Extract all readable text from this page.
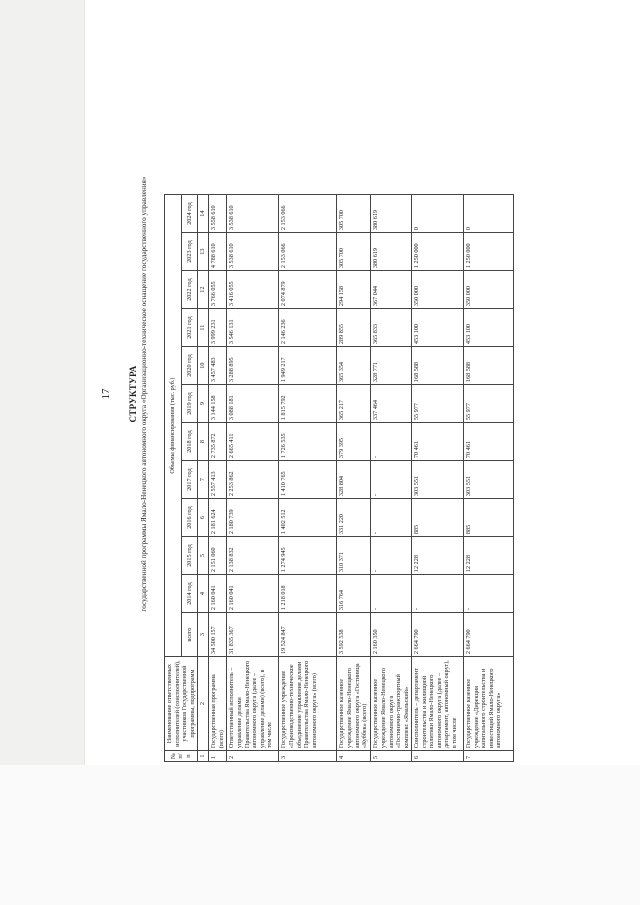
17 СТРУКТУРА государственной программы Ямало-Ненецкого автономного округа «Организационно-техническое оснащение государственного управления»
№ п/п	Наименование ответственных исполнителей (соисполнителей), участников Государственной программы, подпрограмм	Объемы финансирования (тыс. руб.)											
		всего	2014 год	2015 год	2016 год	2017 год	2018 год	2019 год	2020 год	2021 год	2022 год	2023 год	2024 год
1	2	3	4	5	6	7	8	9	10	11	12	13	14
1	Государственная программа (всего)	34 500 157	2 160 041	2 151 060	2 181 624	2 557 413	2 735 872	3 144 158	3 457 483	3 999 231	3 766 055	4 788 610	3 558 610
2	Ответственный исполнитель – управление делами Правительства Ямало-Ненецкого автономного округа (далее – управление делами) (всего), в том числе	31 835 367	2 160 041	2 138 832	2 180 739	2 253 862	2 665 411	3 088 181	3 288 895	3 546 131	3 416 055	3 538 610	3 538 610
3	Государственное учреждение «Производственно-техническое объединение управления делами Правительства Ямало-Ненецкого автономного округа» (всего)	19 524 847	1 218 018	1 274 945	1 402 512	1 410 765	1 726 535	1 815 792	1 949 217	2 146 236	2 074 879	2 153 066	2 153 066
4	Государственное казенное учреждение Ямало-Ненецкого автономного округа «Гостиница «Куббек» (всего)	3 592 538	316 764	310 371	331 220	328 804	379 395	365 217	365 354	289 855	294 158	305 700	305 700
5	Государственное казенное учреждение Ямало-Ненецкого автономного округа «Гостинично-транспортный комплекс «Ямальский»	2 160 350	-	-	-	-	-	337 464	328 771	365 833	367 044	380 619	380 619
6	Соисполнитель – департамент строительства и жилищной политики Ямало-Ненецкого автономного округа (далее – департамент, автономный округ), в том числе	2 664 790	-	12 228	885	303 551	70 461	55 977	168 588	453 100	350 000	1 250 000	0
7	Государственное казенное учреждение «Дирекция капитального строительства и инвестиций Ямало-Ненецкого автономного округа»	2 664 790	-	12 228	885	303 551	70 461	55 977	168 588	453 100	350 000	1 250 000	0
